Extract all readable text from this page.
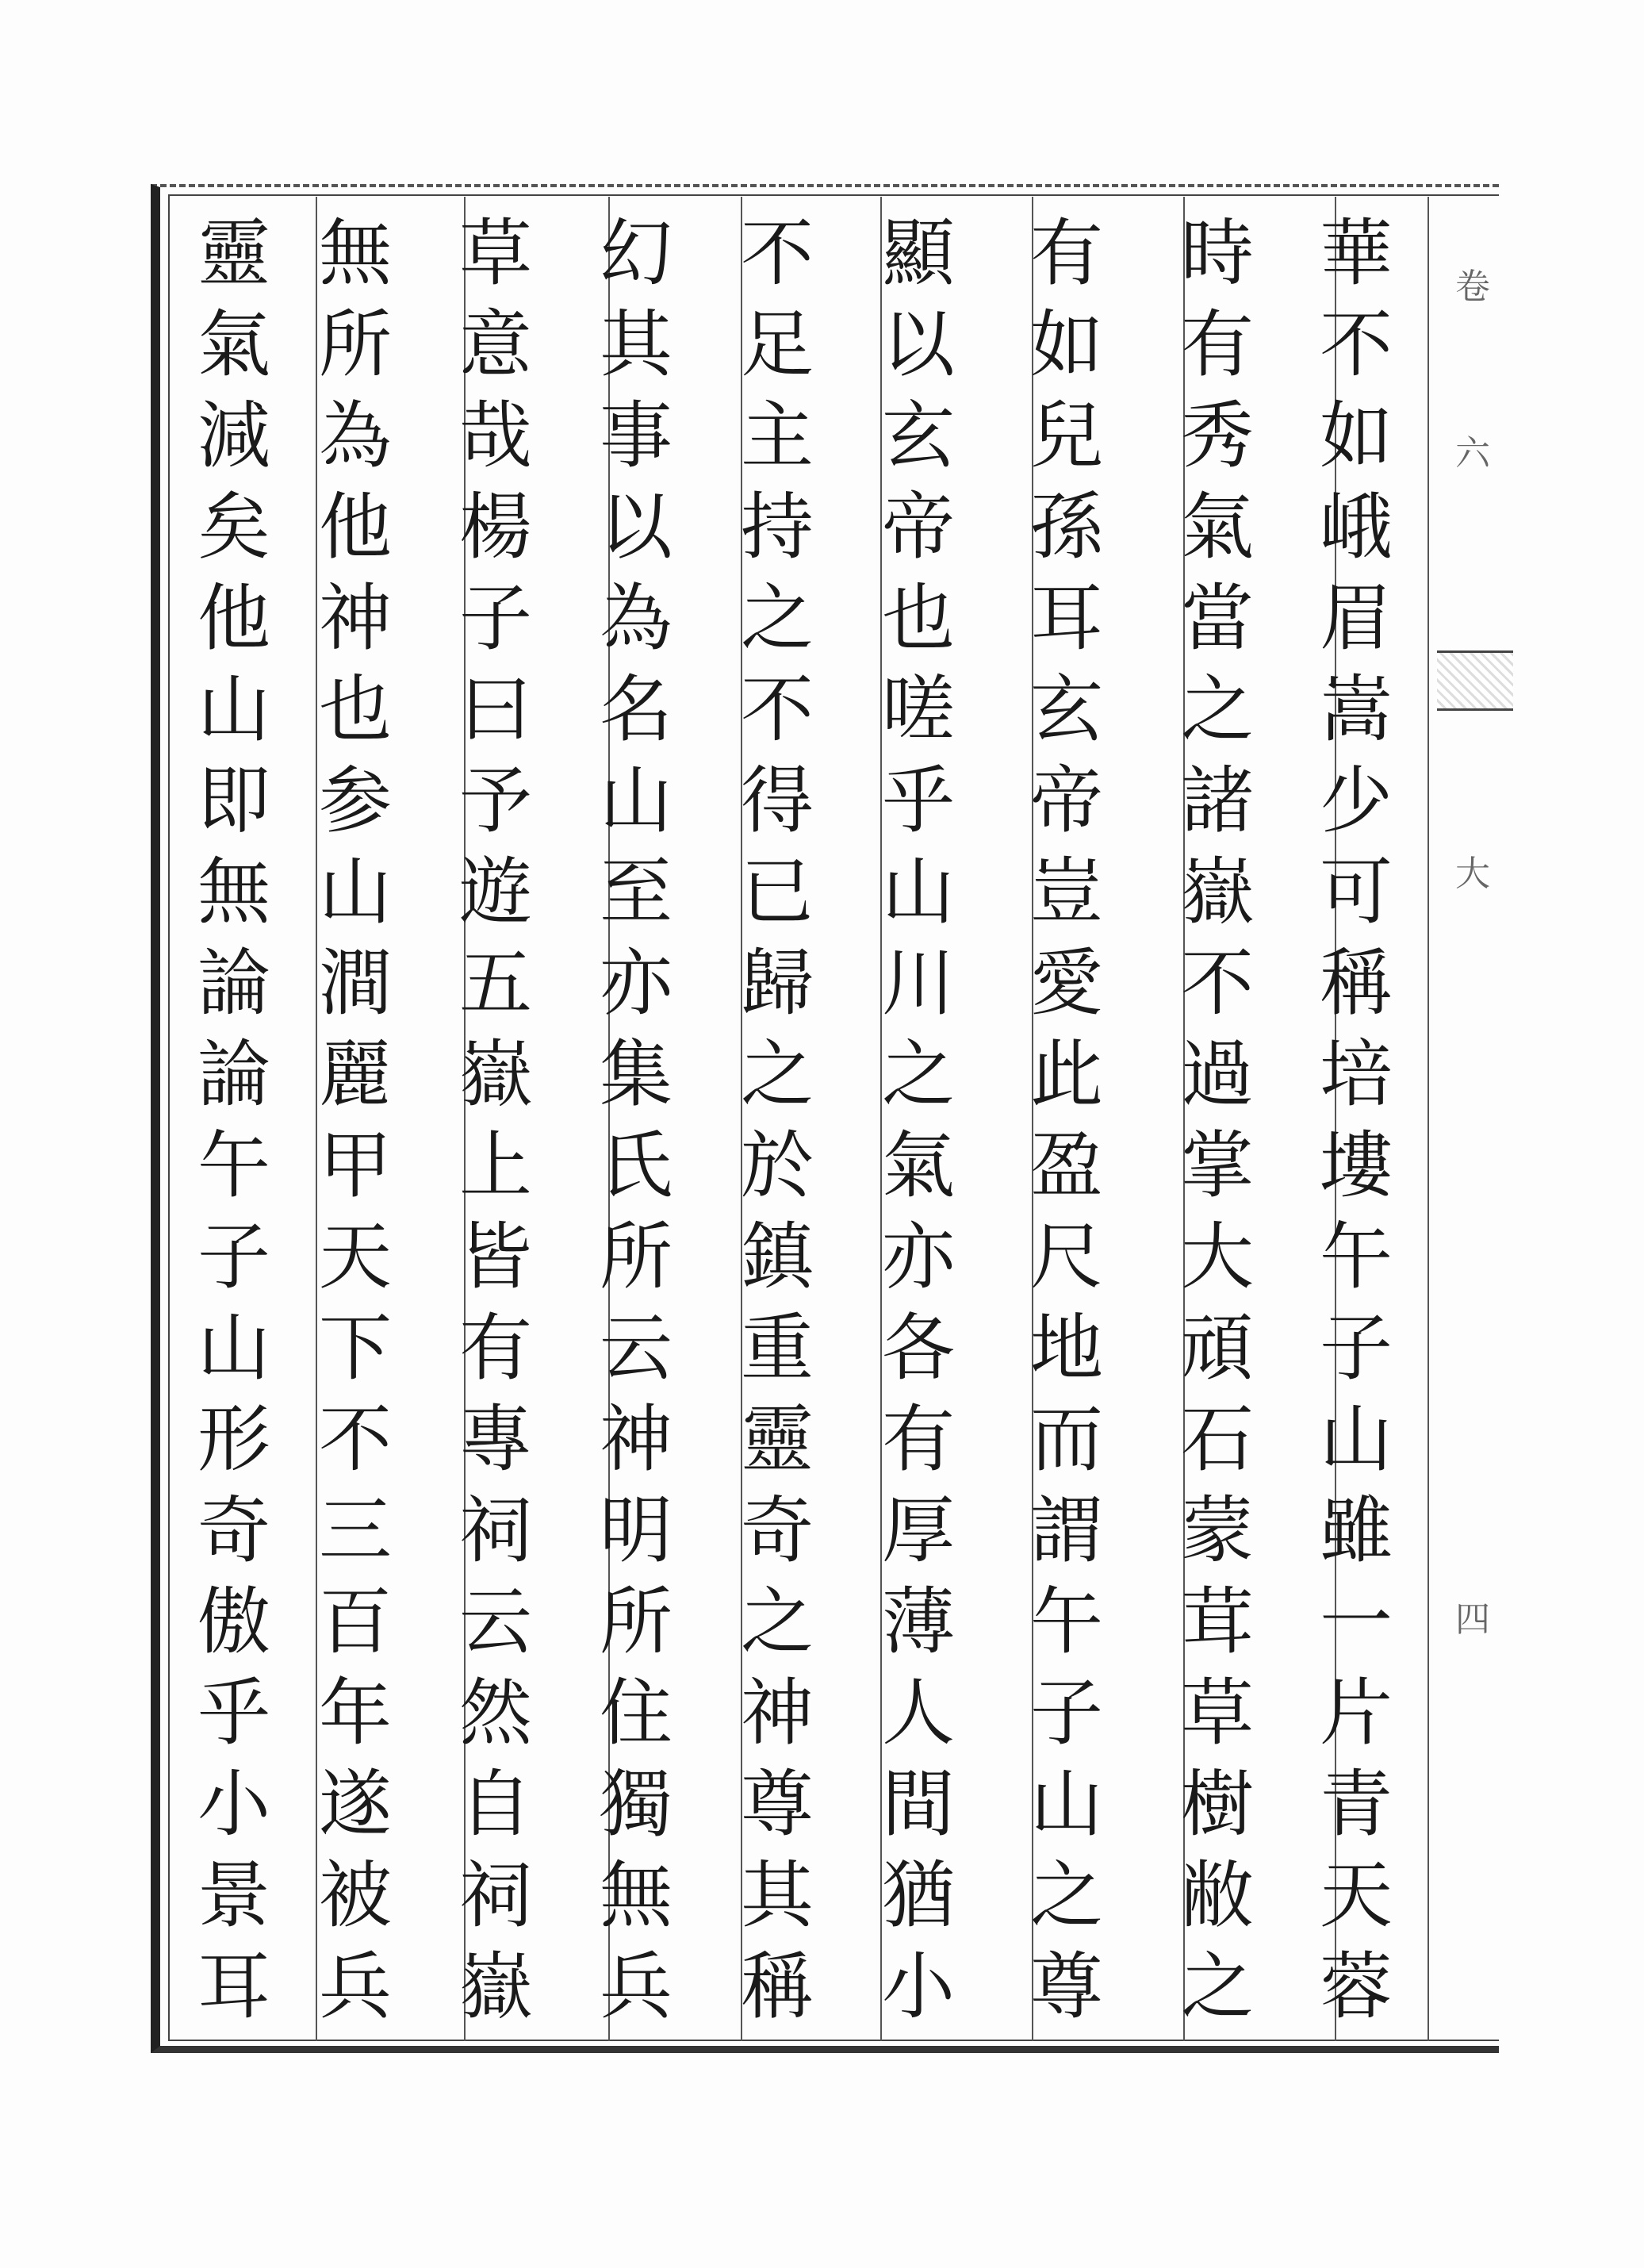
華
不
如
峨
眉
嵩
少
可
稱
培
塿
午
子
山
雖
一
片
青
天
蓉
時
有
秀
氣
當
之
諸
嶽
不
過
掌
大
頑
石
蒙
茸
草
樹
敝
之
有
如
兒
孫
耳
玄
帝
豈
愛
此
盈
尺
地
而
謂
午
子
山
之
尊
顯
以
玄
帝
也
嗟
乎
山
川
之
氣
亦
各
有
厚
薄
人
間
猶
小
不
足
主
持
之
不
得
已
歸
之
於
鎮
重
靈
奇
之
神
尊
其
稱
幻
其
事
以
為
名
山
至
亦
集
氏
所
云
神
明
所
住
獨
無
兵
草
意
哉
楊
子
曰
予
遊
五
嶽
上
皆
有
專
祠
云
然
自
祠
嶽
無
所
為
他
神
也
参
山
澗
麗
甲
天
下
不
三
百
年
遂
被
兵
靈
氣
減
矣
他
山
即
無
論
論
午
子
山
形
奇
傲
乎
小
景
耳
卷
六
大
四
